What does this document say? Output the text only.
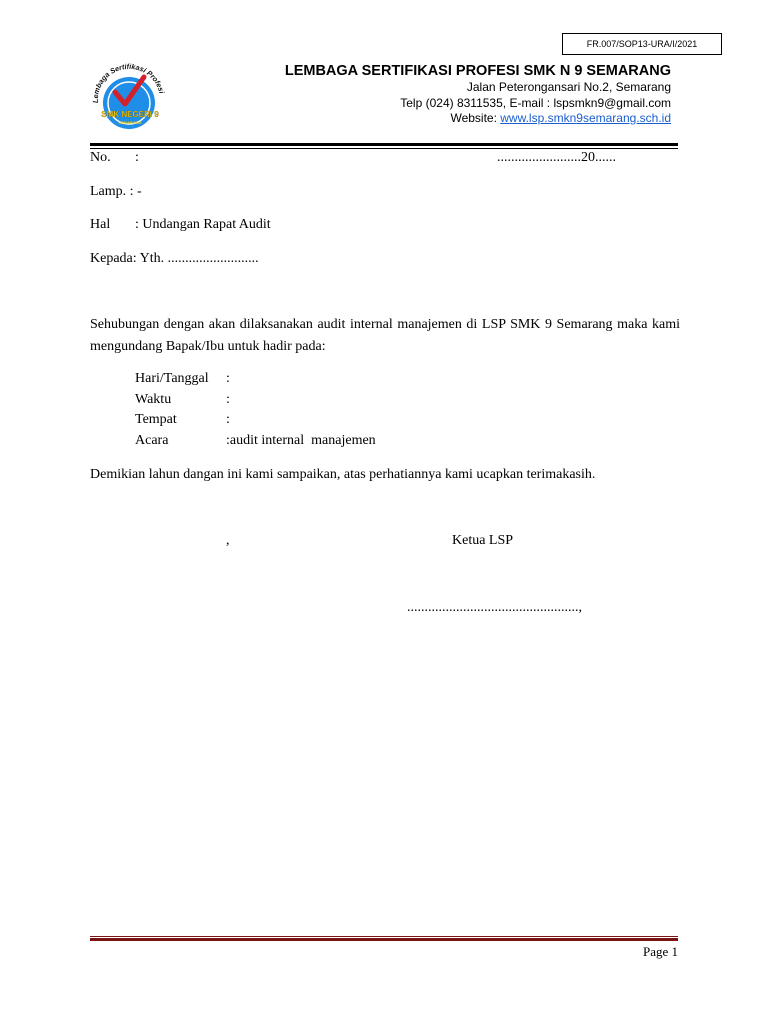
FR.007/SOP13-URA/I/2021
Lembaga Sertifikasi Profesi
SMK NEGERI 9
SEMARANG
LEMBAGA SERTIFIKASI PROFESI SMK N 9 SEMARANG
Jalan Peterongansari No.2, Semarang
Telp (024) 8311535, E-mail : lspsmkn9@gmail.com
Website: www.lsp.smkn9semarang.sch.id
No. :	........................20......
Lamp. : -
Hal : Undangan Rapat Audit
Kepada: Yth. ..........................
Sehubungan dengan akan dilaksanakan audit internal manajemen di LSP SMK 9 Semarang maka kami mengundang Bapak/Ibu untuk hadir pada:
Hari/Tanggal :
Waktu	:
Tempat	:
Acara	:audit internal  manajemen
Demikian lahun dangan ini kami sampaikan, atas perhatiannya kami ucapkan terimakasih.
,	Ketua LSP
.................................................,
Page 1
